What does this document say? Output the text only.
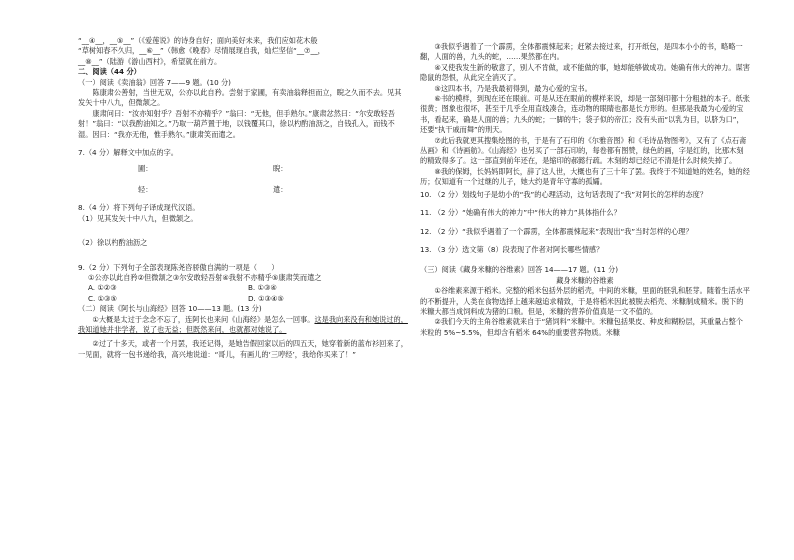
“__④__，__⑤__”（《爱莲说》的诗身自好；面向美好未来，我们应如花木般

“草树知春不久归，__⑥__”（韩愈《晚春》尽情展现自我，灿烂坚信“__⑦__，

__⑧__”（陆游《游山西村》，希望就在前方。

二、阅读（44 分）

（一）阅读《卖油翁》回答 7——9 题。(10 分)

陈康肃公善射，当世无双，公亦以此自矜。尝射于家圃，有卖油翁释担而立，睨之久而不去。见其发矢十中八九，但微颔之。

康肃问曰：“汝亦知射乎？吾射不亦精乎？”翁曰：“无他，但手熟尔。”康肃忿然曰：“尔安敢轻吾射！”翁曰：“以我酌油知之。”乃取一葫芦置于地，以钱覆其口，徐以杓酌油沥之，自钱孔入，而钱不湿。因曰：“我亦无他，惟手熟尔。”康肃笑而遣之。

7.（4 分）解释文中加点的字。

圃：	睨：
轻：	遣：

8.（4 分）将下列句子译成现代汉语。

（1）见其发矢十中八九，但微颔之。

（2）徐以杓酌油沥之

9.（2 分）下列句子全部表现陈尧咨骄傲自满的一项是（　　）

①公亦以此自矜②但微颔之③尔安敢轻吾射④我射不亦精乎⑤康肃笑而遣之

A. ①②③	B. ①③④
C. ①③⑤	D. ①③④⑤

（二）阅读《阿长与山海经》回答 10——13 题。(13 分)

①大概是太过于念念不忘了，连阿长也来问《山海经》是怎么一回事。这是我向来没有和她说过的，我知道她并非学者，说了也无益；但既然来问，也就都对她说了。

②过了十多天，或者一个月罢，我还记得，是她告假回家以后的四五天，她穿着新的蓝布衫回来了，一见面，就将一包书递给我，高兴地说道：“哥儿，有画儿的‘三哼经’，我给你买来了！”

③我似乎遇着了一个霹雳，全体都震悚起来；赶紧去接过来，打开纸包，是四本小小的书，略略一翻，人面的兽，九头的蛇，……果然都在内。

④又使我发生新的敬意了，别人不肯做，或不能做的事，她却能够做成功。她确有伟大的神力。谋害隐鼠的怨恨，从此完全消灭了。

⑤这四本书，乃是我最初得到，最为心爱的宝书。

⑥书的模样，到现在还在眼前。可是从还在眼前的模样来说，却是一部刻印都十分粗拙的本子。纸张很黄；图象也很坏，甚至于几乎全用直线凑合，连动物的眼睛也都是长方形的。但那是我最为心爱的宝书，看起来，确是人面的兽；九头的蛇；一脚的牛；袋子似的帝江；没有头而“以乳为目，以脐为口”，还要“执干戚而舞”的刑天。

⑦此后我就更其搜集绘图的书，于是有了石印的《尔雅音图》和《毛诗品物图考》，又有了《点石斋丛画》和《诗画舫》。《山海经》也另买了一部石印的，每卷都有图赞，绿色的画，字是红的，比那木刻的精致得多了。这一部直到前年还在，是缩印的郝懿行疏。木刻的却已经记不清是什么时候失掉了。

⑧我的保姆，长妈妈即阿长，辞了这人世，大概也有了三十年了罢。我终于不知道她的姓名，她的经历；仅知道有一个过继的儿子，她大约是青年守寡的孤孀。

10. （2 分）划线句子是幼小的“我”的心理活动，这句话表现了“我”对阿长的怎样的态度？

11. （2 分）“她确有伟大的神力”中“伟大的神力”具体指什么？

12. （2 分）“我似乎遇着了一个霹雳，全体都震悚起来”表现出“我”当时怎样的心理？

13. （3 分）选文第（8）段表现了作者对阿长哪些情感？

（三）阅读《藏身米糠的谷维素》回答 14——17 题。(11 分)

藏身米糠的谷维素

①谷维素来源于稻米。完整的稻米包括外层的稻壳，中间的米糠，里面的胚乳和胚芽。随着生活水平的不断提升，人类在食物选择上越来越追求精致，于是将稻米因此被脱去稻壳、米糠制成精米。脱下的米糠大都当成饲料成为猪的口粮。但是，米糠的营养价值真是一文不值的。

②我们今天的主角谷维素就来自于“猪饲料”米糠中。米糠包括果皮、种皮和糊粉层，其重量占整个米粒的 5%~5.5%，但却含有稻米 64%的重要营养物质。米糠
